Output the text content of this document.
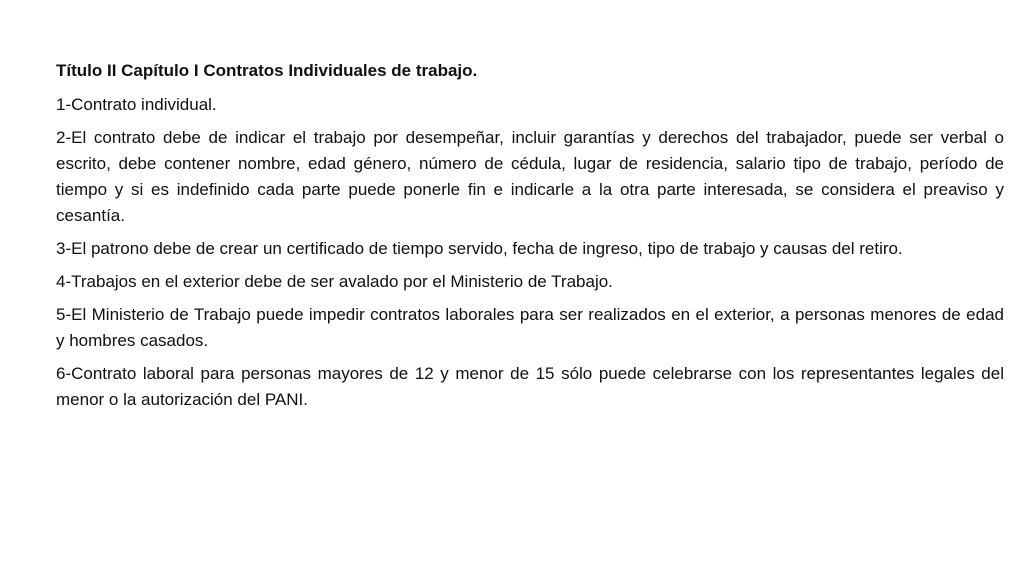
Título II Capítulo I Contratos Individuales de trabajo.
1-Contrato individual.
2-El contrato debe de indicar el trabajo por desempeñar, incluir garantías y derechos del trabajador, puede ser verbal o escrito, debe contener nombre, edad género, número de cédula, lugar de residencia, salario tipo de trabajo, período de tiempo y si es indefinido cada parte puede ponerle fin e indicarle a la otra parte interesada, se considera el preaviso y cesantía.
3-El patrono debe de crear un certificado de tiempo servido, fecha de ingreso, tipo de trabajo y causas del retiro.
4-Trabajos en el exterior debe de ser avalado por el Ministerio de Trabajo.
5-El Ministerio de Trabajo puede impedir contratos laborales para ser realizados en el exterior, a personas menores de edad y hombres casados.
6-Contrato laboral para personas mayores de 12 y menor de 15 sólo puede celebrarse con los representantes legales del menor o la autorización del PANI.
